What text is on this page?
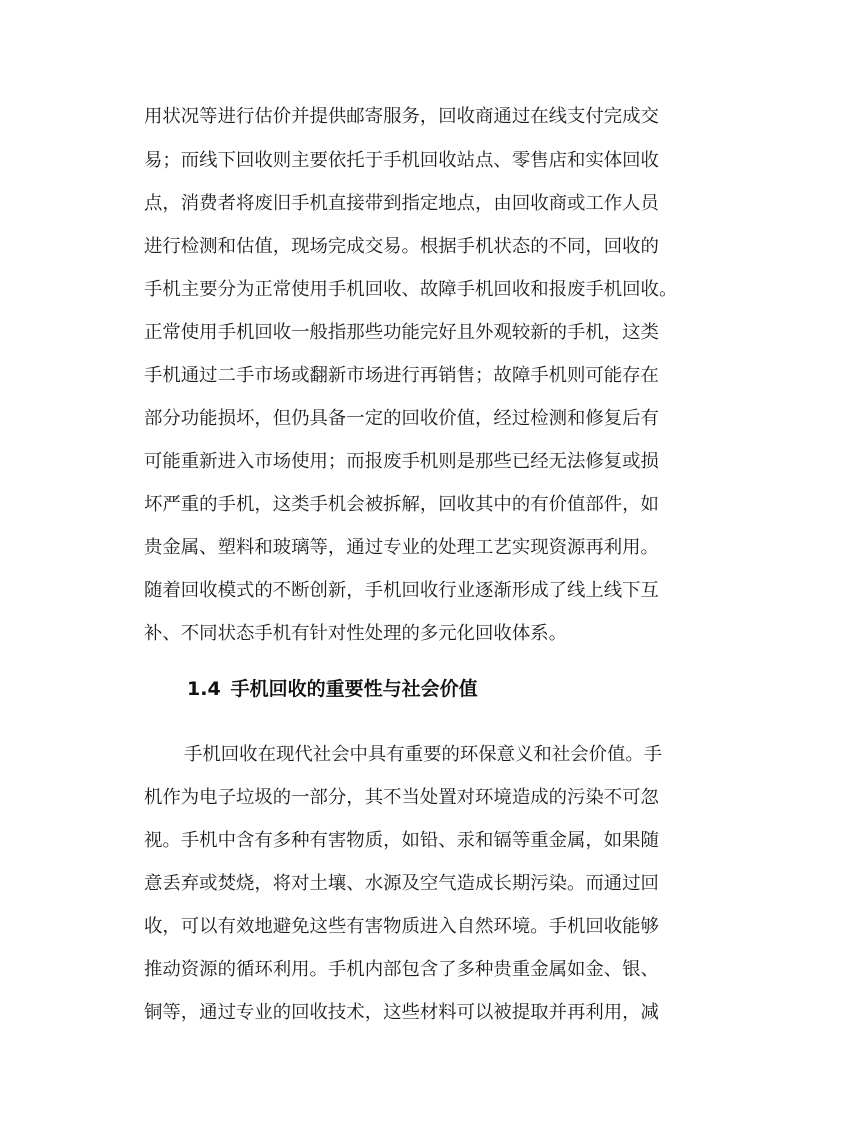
用状况等进行估价并提供邮寄服务，回收商通过在线支付完成交
易；而线下回收则主要依托于手机回收站点、零售店和实体回收
点，消费者将废旧手机直接带到指定地点，由回收商或工作人员
进行检测和估值，现场完成交易。根据手机状态的不同，回收的
手机主要分为正常使用手机回收、故障手机回收和报废手机回收。
正常使用手机回收一般指那些功能完好且外观较新的手机，这类
手机通过二手市场或翻新市场进行再销售；故障手机则可能存在
部分功能损坏，但仍具备一定的回收价值，经过检测和修复后有
可能重新进入市场使用；而报废手机则是那些已经无法修复或损
坏严重的手机，这类手机会被拆解，回收其中的有价值部件，如
贵金属、塑料和玻璃等，通过专业的处理工艺实现资源再利用。
随着回收模式的不断创新，手机回收行业逐渐形成了线上线下互
补、不同状态手机有针对性处理的多元化回收体系。
1.4 手机回收的重要性与社会价值
手机回收在现代社会中具有重要的环保意义和社会价值。手
机作为电子垃圾的一部分，其不当处置对环境造成的污染不可忽
视。手机中含有多种有害物质，如铅、汞和镉等重金属，如果随
意丢弃或焚烧，将对土壤、水源及空气造成长期污染。而通过回
收，可以有效地避免这些有害物质进入自然环境。手机回收能够
推动资源的循环利用。手机内部包含了多种贵重金属如金、银、
铜等，通过专业的回收技术，这些材料可以被提取并再利用，减
